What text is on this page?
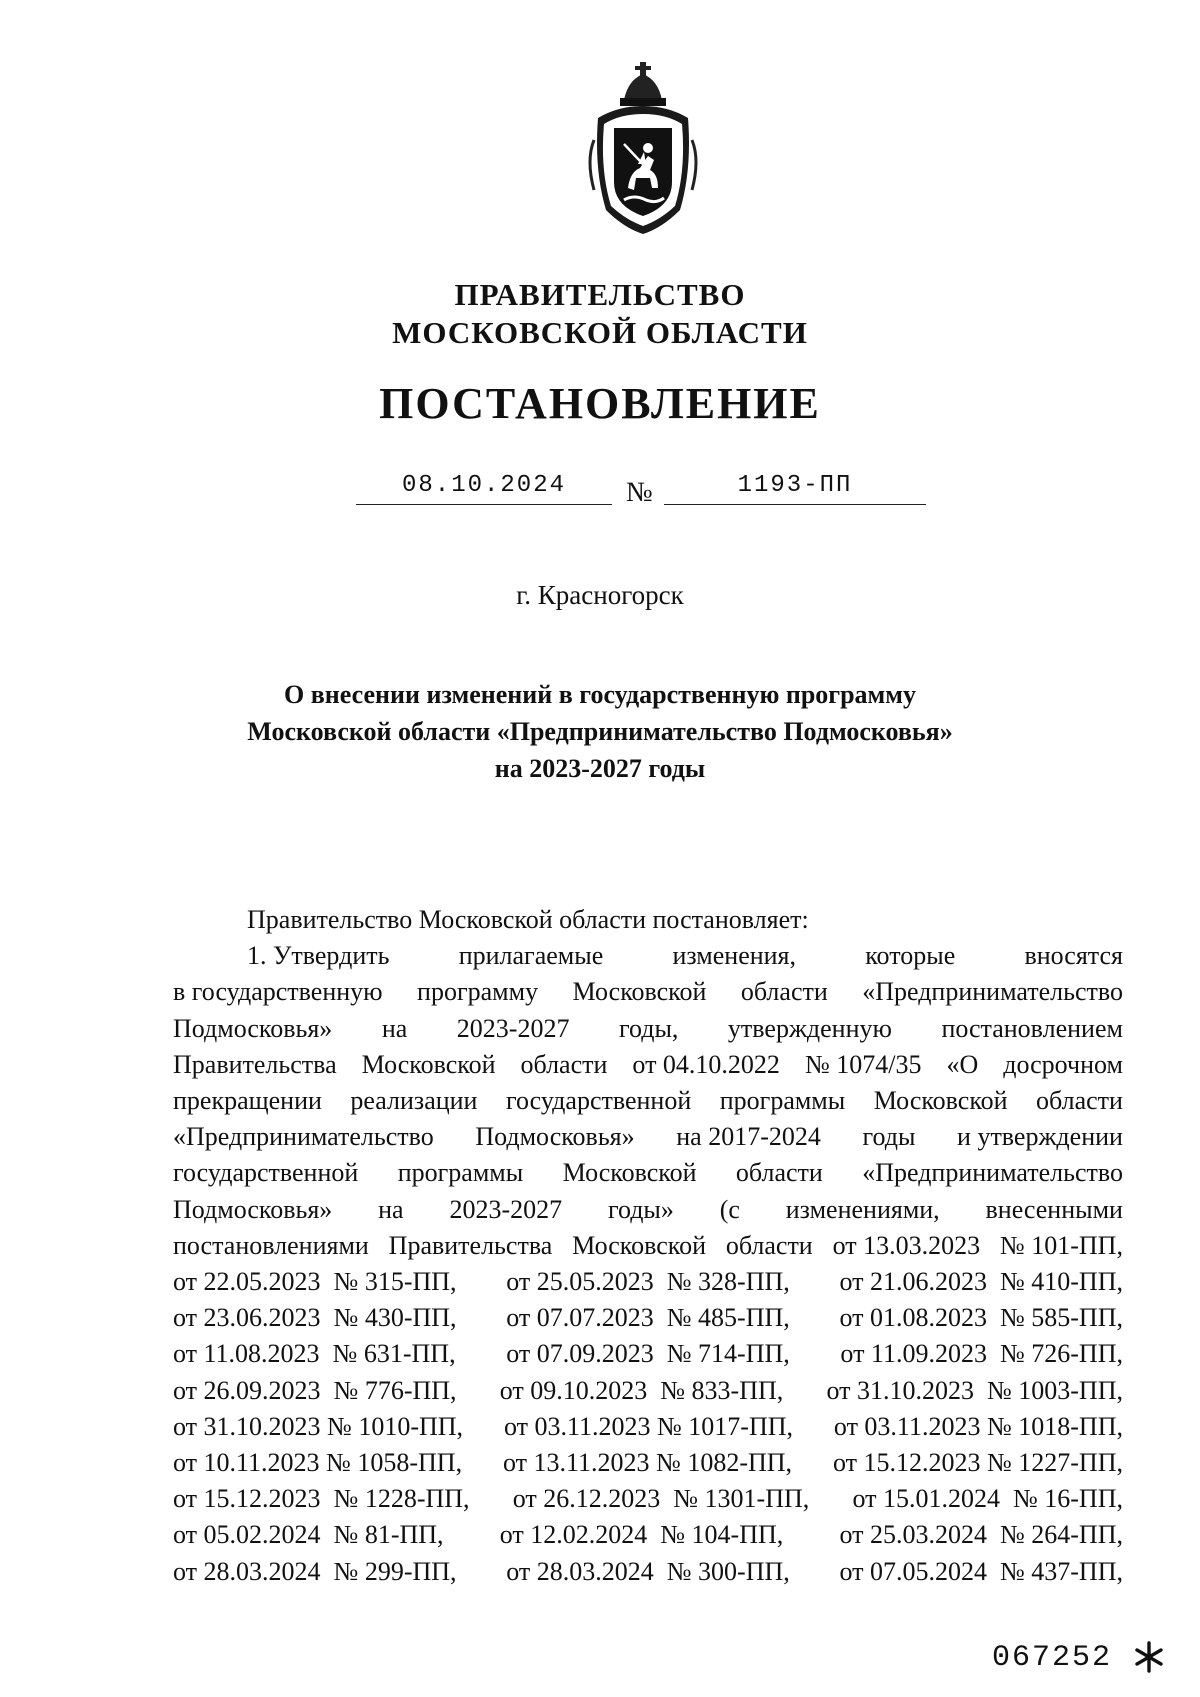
ПРАВИТЕЛЬСТВО
МОСКОВСКОЙ ОБЛАСТИ
ПОСТАНОВЛЕНИЕ
08.10.2024	№	1193-ПП
г. Красногорск
О внесении изменений в государственную программу
Московской области «Предпринимательство Подмосковья»
на 2023-2027 годы

Правительство Московской области постановляет:

1. Утвердить	прилагаемые	изменения,	которые	вносятся
в государственную программу Московской области «Предпринимательство
Подмосковья» на 2023-2027 годы, утвержденную постановлением
Правительства Московской области от 04.10.2022 № 1074/35 «О досрочном
прекращении реализации государственной программы Московской области
«Предпринимательство Подмосковья» на 2017-2024 годы и утверждении
государственной программы Московской области «Предпринимательство
Подмосковья» на 2023-2027 годы» (с изменениями, внесенными
постановлениями Правительства Московской области от 13.03.2023 № 101-ПП,
от 22.05.2023  № 315-ПП, от 25.05.2023  № 328-ПП, от 21.06.2023  № 410-ПП,
от 23.06.2023  № 430-ПП, от 07.07.2023  № 485-ПП, от 01.08.2023  № 585-ПП,
от 11.08.2023  № 631-ПП, от 07.09.2023  № 714-ПП, от 11.09.2023  № 726-ПП,
от 26.09.2023  № 776-ПП, от 09.10.2023  № 833-ПП, от 31.10.2023  № 1003-ПП,
от 31.10.2023 № 1010-ПП, от 03.11.2023 № 1017-ПП, от 03.11.2023 № 1018-ПП,
от 10.11.2023 № 1058-ПП, от 13.11.2023 № 1082-ПП, от 15.12.2023 № 1227-ПП,
от 15.12.2023  № 1228-ПП, от 26.12.2023  № 1301-ПП, от 15.01.2024  № 16-ПП,
от 05.02.2024  № 81-ПП, от 12.02.2024  № 104-ПП, от 25.03.2024  № 264-ПП,
от 28.03.2024  № 299-ПП, от 28.03.2024  № 300-ПП, от 07.05.2024  № 437-ПП,
067252
